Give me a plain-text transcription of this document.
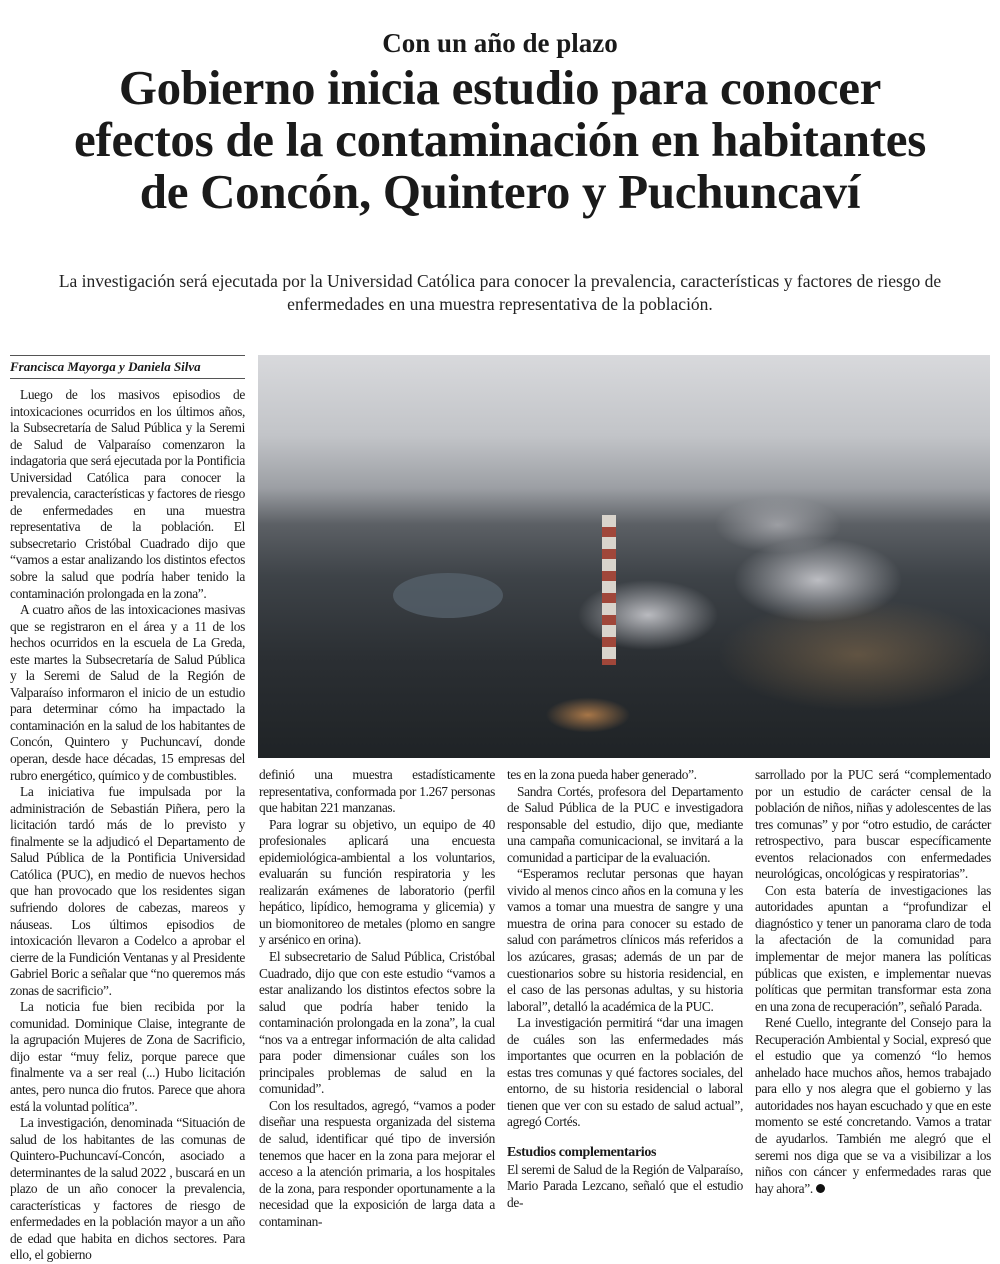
Con un año de plazo
Gobierno inicia estudio para conocer
efectos de la contaminación en habitantes
de Concón, Quintero y Puchuncaví
La investigación será ejecutada por la Universidad Católica para conocer la prevalencia, características y factores de riesgo de enfermedades en una muestra representativa de la población.
Francisca Mayorga y Daniela Silva

Luego de los masivos episodios de intoxicaciones ocurridos en los últimos años, la Subsecretaría de Salud Pública y la Seremi de Salud de Valparaíso comenzaron la indagatoria que será ejecutada por la Pontificia Universidad Católica para conocer la prevalencia, características y factores de riesgo de enfermedades en una muestra representativa de la población. El subsecretario Cristóbal Cuadrado dijo que “vamos a estar analizando los distintos efectos sobre la salud que podría haber tenido la contaminación prolongada en la zona”.

A cuatro años de las intoxicaciones masivas que se registraron en el área y a 11 de los hechos ocurridos en la escuela de La Greda, este martes la Subsecretaría de Salud Pública y la Seremi de Salud de la Región de Valparaíso informaron el inicio de un estudio para determinar cómo ha impactado la contaminación en la salud de los habitantes de Concón, Quintero y Puchuncaví, donde operan, desde hace décadas, 15 empresas del rubro energético, químico y de combustibles.

La iniciativa fue impulsada por la administración de Sebastián Piñera, pero la licitación tardó más de lo previsto y finalmente se la adjudicó el Departamento de Salud Pública de la Pontificia Universidad Católica (PUC), en medio de nuevos hechos que han provocado que los residentes sigan sufriendo dolores de cabezas, mareos y náuseas. Los últimos episodios de intoxicación llevaron a Codelco a aprobar el cierre de la Fundición Ventanas y al Presidente Gabriel Boric a señalar que “no queremos más zonas de sacrificio”.

La noticia fue bien recibida por la comunidad. Dominique Claise, integrante de la agrupación Mujeres de Zona de Sacrificio, dijo estar “muy feliz, porque parece que finalmente va a ser real (...) Hubo licitación antes, pero nunca dio frutos. Parece que ahora está la voluntad política”.

La investigación, denominada “Situación de salud de los habitantes de las comunas de Quintero-Puchuncaví-Concón, asociado a determinantes de la salud 2022 , buscará en un plazo de un año conocer la prevalencia, características y factores de riesgo de enfermedades en la población mayor a un año de edad que habita en dichos sectores. Para ello, el gobierno

definió una muestra estadísticamente representativa, conformada por 1.267 personas que habitan 221 manzanas.

Para lograr su objetivo, un equipo de 40 profesionales aplicará una encuesta epidemiológica-ambiental a los voluntarios, evaluarán su función respiratoria y les realizarán exámenes de laboratorio (perfil hepático, lipídico, hemograma y glicemia) y un biomonitoreo de metales (plomo en sangre y arsénico en orina).

El subsecretario de Salud Pública, Cristóbal Cuadrado, dijo que con este estudio “vamos a estar analizando los distintos efectos sobre la salud que podría haber tenido la contaminación prolongada en la zona”, la cual “nos va a entregar información de alta calidad para poder dimensionar cuáles son los principales problemas de salud en la comunidad”.

Con los resultados, agregó, “vamos a poder diseñar una respuesta organizada del sistema de salud, identificar qué tipo de inversión tenemos que hacer en la zona para mejorar el acceso a la atención primaria, a los hospitales de la zona, para responder oportunamente a la necesidad que la exposición de larga data a contaminan-

tes en la zona pueda haber generado”.

Sandra Cortés, profesora del Departamento de Salud Pública de la PUC e investigadora responsable del estudio, dijo que, mediante una campaña comunicacional, se invitará a la comunidad a participar de la evaluación.

“Esperamos reclutar personas que hayan vivido al menos cinco años en la comuna y les vamos a tomar una muestra de sangre y una muestra de orina para conocer su estado de salud con parámetros clínicos más referidos a los azúcares, grasas; además de un par de cuestionarios sobre su historia residencial, en el caso de las personas adultas, y su historia laboral”, detalló la académica de la PUC.

La investigación permitirá “dar una imagen de cuáles son las enfermedades más importantes que ocurren en la población de estas tres comunas y qué factores sociales, del entorno, de su historia residencial o laboral tienen que ver con su estado de salud actual”, agregó Cortés.

Estudios complementarios

El seremi de Salud de la Región de Valparaíso, Mario Parada Lezcano, señaló que el estudio de-

sarrollado por la PUC será “complementado por un estudio de carácter censal de la población de niños, niñas y adolescentes de las tres comunas” y por “otro estudio, de carácter retrospectivo, para buscar específicamente eventos relacionados con enfermedades neurológicas, oncológicas y respiratorias”.

Con esta batería de investigaciones las autoridades apuntan a “profundizar el diagnóstico y tener un panorama claro de toda la afectación de la comunidad para implementar de mejor manera las políticas públicas que existen, e implementar nuevas políticas que permitan transformar esta zona en una zona de recuperación”, señaló Parada.

René Cuello, integrante del Consejo para la Recuperación Ambiental y Social, expresó que el estudio que ya comenzó “lo hemos anhelado hace muchos años, hemos trabajado para ello y nos alegra que el gobierno y las autoridades nos hayan escuchado y que en este momento se esté concretando. Vamos a tratar de ayudarlos. También me alegró que el seremi nos diga que se va a visibilizar a los niños con cáncer y enfermedades raras que hay ahora”.
